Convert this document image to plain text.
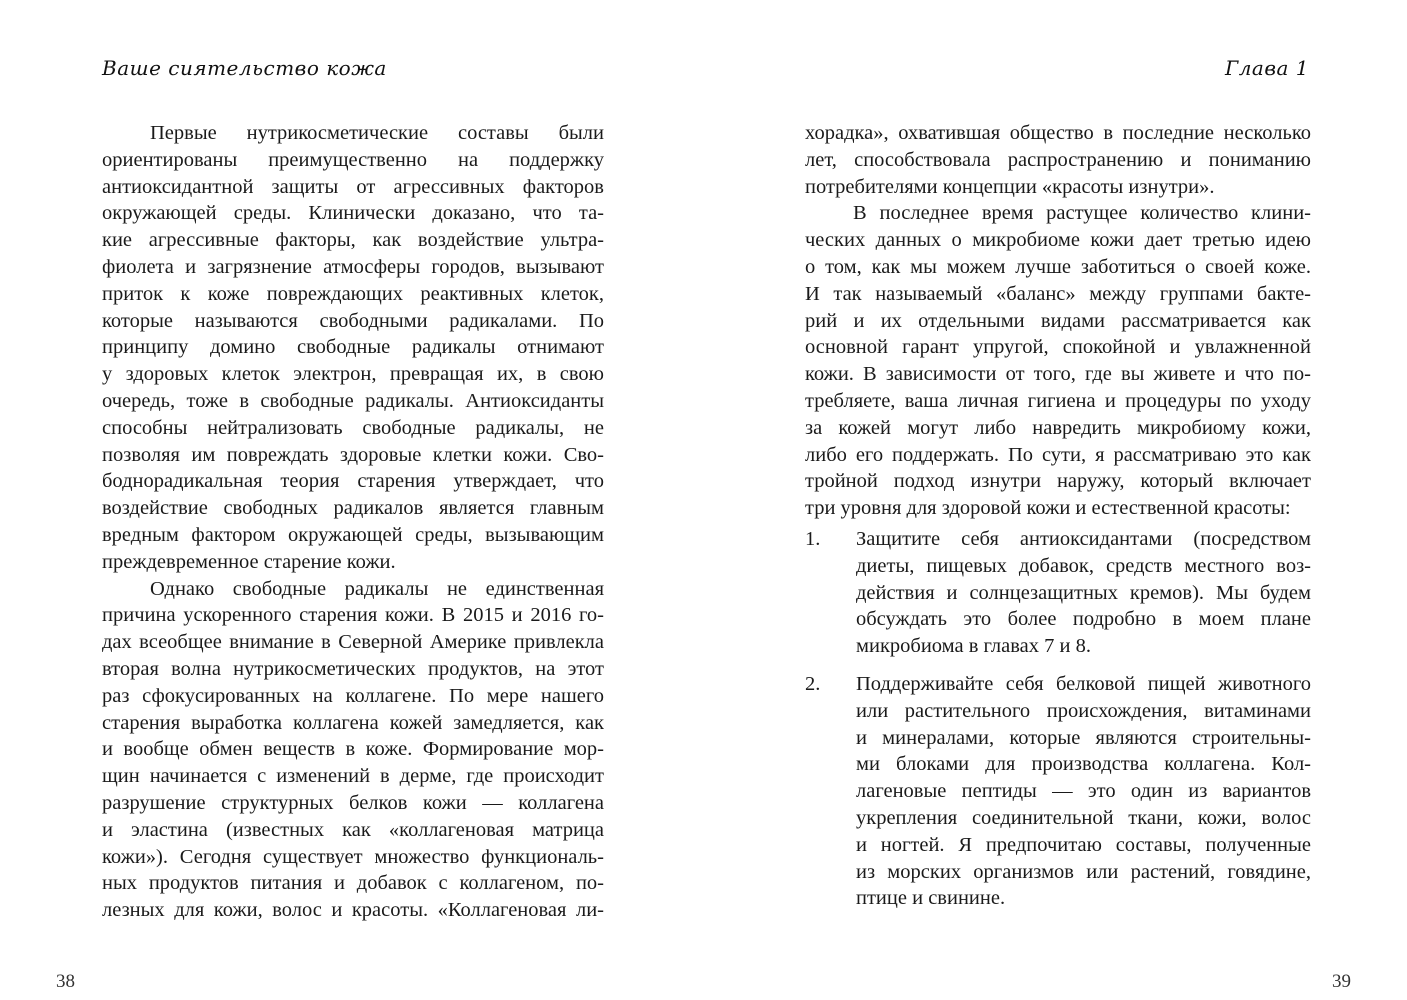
Ваше сиятельство кожа
Первые нутрикосметические составы были
ориентированы преимущественно на поддержку
антиоксидантной защиты от агрессивных факторов
окружающей среды. Клинически доказано, что та-
кие агрессивные факторы, как воздействие ультра-
фиолета и загрязнение атмосферы городов, вызывают
приток к коже повреждающих реактивных клеток,
которые называются свободными радикалами. По
принципу домино свободные радикалы отнимают
у здоровых клеток электрон, превращая их, в свою
очередь, тоже в свободные радикалы. Антиоксиданты
способны нейтрализовать свободные радикалы, не
позволяя им повреждать здоровые клетки кожи. Сво-
боднорадикальная теория старения утверждает, что
воздействие свободных радикалов является главным
вредным фактором окружающей среды, вызывающим
преждевременное старение кожи.
Однако свободные радикалы не единственная
причина ускоренного старения кожи. В 2015 и 2016 го-
дах всеобщее внимание в Северной Америке привлекла
вторая волна нутрикосметических продуктов, на этот
раз сфокусированных на коллагене. По мере нашего
старения выработка коллагена кожей замедляется, как
и вообще обмен веществ в коже. Формирование мор-
щин начинается с изменений в дерме, где происходит
разрушение структурных белков кожи — коллагена
и эластина (известных как «коллагеновая матрица
кожи»). Сегодня существует множество функциональ-
ных продуктов питания и добавок с коллагеном, по-
лезных для кожи, волос и красоты. «Коллагеновая ли-
38
Глава 1
хорадка», охватившая общество в последние несколько
лет, способствовала распространению и пониманию
потребителями концепции «красоты изнутри».
В последнее время растущее количество клини-
ческих данных о микробиоме кожи дает третью идею
о том, как мы можем лучше заботиться о своей коже.
И так называемый «баланс» между группами бакте-
рий и их отдельными видами рассматривается как
основной гарант упругой, спокойной и увлажненной
кожи. В зависимости от того, где вы живете и что по-
требляете, ваша личная гигиена и процедуры по уходу
за кожей могут либо навредить микробиому кожи,
либо его поддержать. По сути, я рассматриваю это как
тройной подход изнутри наружу, который включает
три уровня для здоровой кожи и естественной красоты:
1. Защитите себя антиоксидантами (посредством
диеты, пищевых добавок, средств местного воз-
действия и солнцезащитных кремов). Мы будем
обсуждать это более подробно в моем плане
микробиома в главах 7 и 8.
2. Поддерживайте себя белковой пищей животного
или растительного происхождения, витаминами
и минералами, которые являются строительны-
ми блоками для производства коллагена. Кол-
лагеновые пептиды — это один из вариантов
укрепления соединительной ткани, кожи, волос
и ногтей. Я предпочитаю составы, полученные
из морских организмов или растений, говядине,
птице и свинине.
39
